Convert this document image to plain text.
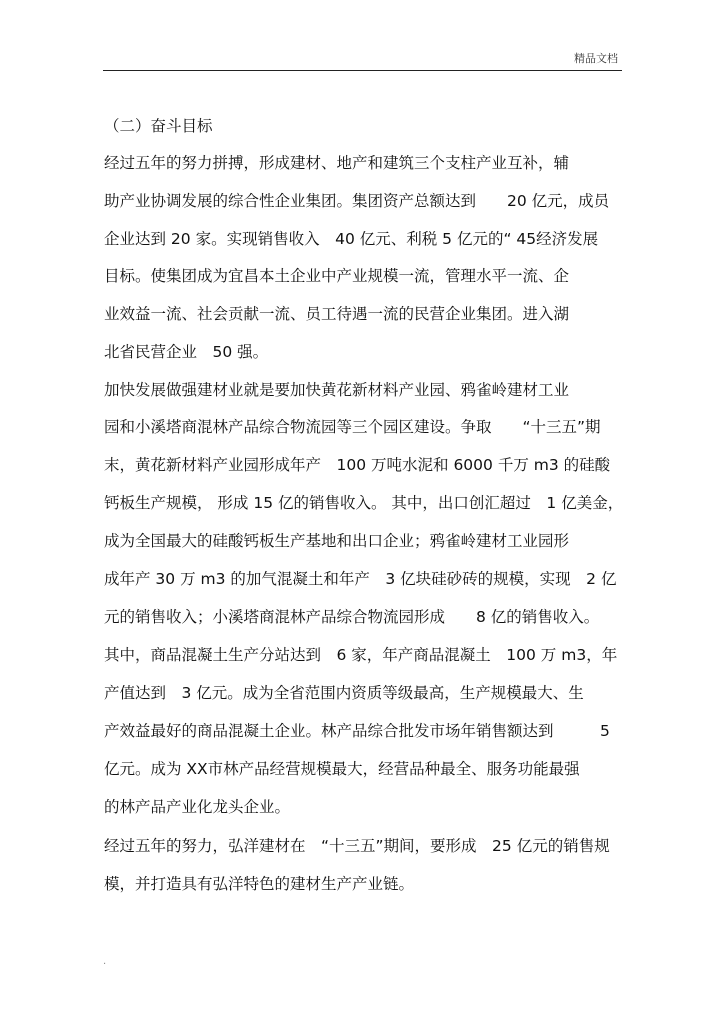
精品文档
（二）奋斗目标
经过五年的努力拼搏，形成建材、地产和建筑三个支柱产业互补，辅
助产业协调发展的综合性企业集团。集团资产总额达到　　20 亿元，成员
企业达到 20 家。实现销售收入　40 亿元、利税 5 亿元的“ 45经济发展
目标。使集团成为宜昌本土企业中产业规模一流，管理水平一流、企
业效益一流、社会贡献一流、员工待遇一流的民营企业集团。进入湖
北省民营企业　50 强。
加快发展做强建材业就是要加快黄花新材料产业园、鸦雀岭建材工业
园和小溪塔商混林产品综合物流园等三个园区建设。争取　　“十三五”期
末，黄花新材料产业园形成年产　100 万吨水泥和 6000 千万 m3 的硅酸
钙板生产规模， 形成 15 亿的销售收入。 其中，出口创汇超过　1 亿美金，
成为全国最大的硅酸钙板生产基地和出口企业；鸦雀岭建材工业园形
成年产 30 万 m3 的加气混凝土和年产　3 亿块硅砂砖的规模，实现　2 亿
元的销售收入；小溪塔商混林产品综合物流园形成　　8 亿的销售收入。
其中，商品混凝土生产分站达到　6 家，年产商品混凝土　100 万 m3，年
产值达到　3 亿元。成为全省范围内资质等级最高，生产规模最大、生
产效益最好的商品混凝土企业。林产品综合批发市场年销售额达到　　　5
亿元。成为 XX市林产品经营规模最大，经营品种最全、服务功能最强
的林产品产业化龙头企业。
经过五年的努力，弘洋建材在　“十三五”期间，要形成　25 亿元的销售规
模，并打造具有弘洋特色的建材生产产业链。
.
